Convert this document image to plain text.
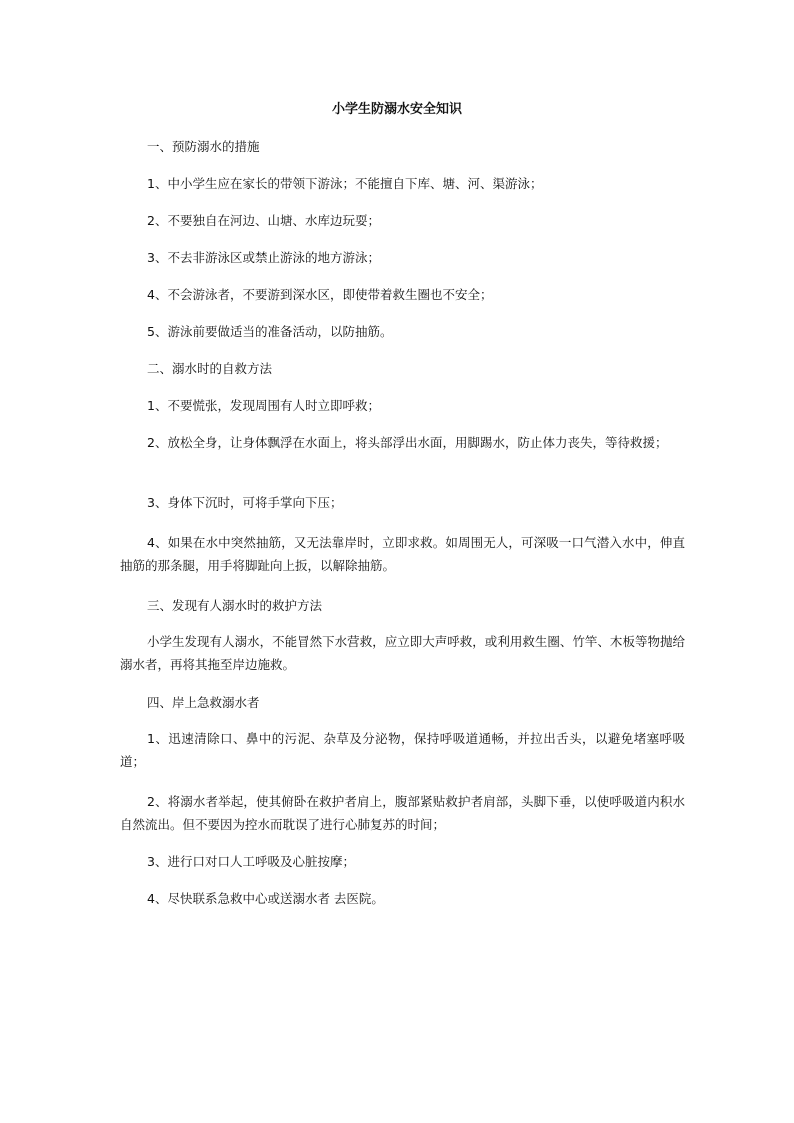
小学生防溺水安全知识

一、预防溺水的措施

1、中小学生应在家长的带领下游泳；不能擅自下库、塘、河、渠游泳；

2、不要独自在河边、山塘、水库边玩耍；

3、不去非游泳区或禁止游泳的地方游泳；

4、不会游泳者，不要游到深水区，即使带着救生圈也不安全；

5、游泳前要做适当的准备活动，以防抽筋。

二、溺水时的自救方法

1、不要慌张，发现周围有人时立即呼救；

2、放松全身，让身体飘浮在水面上，将头部浮出水面，用脚踢水，防止体力丧失，等待救援；

3、身体下沉时，可将手掌向下压；

4、如果在水中突然抽筋，又无法靠岸时，立即求救。如周围无人，可深吸一口气潜入水中，伸直抽筋的那条腿，用手将脚趾向上扳，以解除抽筋。

三、发现有人溺水时的救护方法

小学生发现有人溺水，不能冒然下水营救，应立即大声呼救，或利用救生圈、竹竿、木板等物抛给溺水者，再将其拖至岸边施救。

四、岸上急救溺水者

1、迅速清除口、鼻中的污泥、杂草及分泌物，保持呼吸道通畅，并拉出舌头，以避免堵塞呼吸道；

2、将溺水者举起，使其俯卧在救护者肩上，腹部紧贴救护者肩部，头脚下垂，以使呼吸道内积水自然流出。但不要因为控水而耽误了进行心肺复苏的时间；

3、进行口对口人工呼吸及心脏按摩；

4、尽快联系急救中心或送溺水者 去医院。
